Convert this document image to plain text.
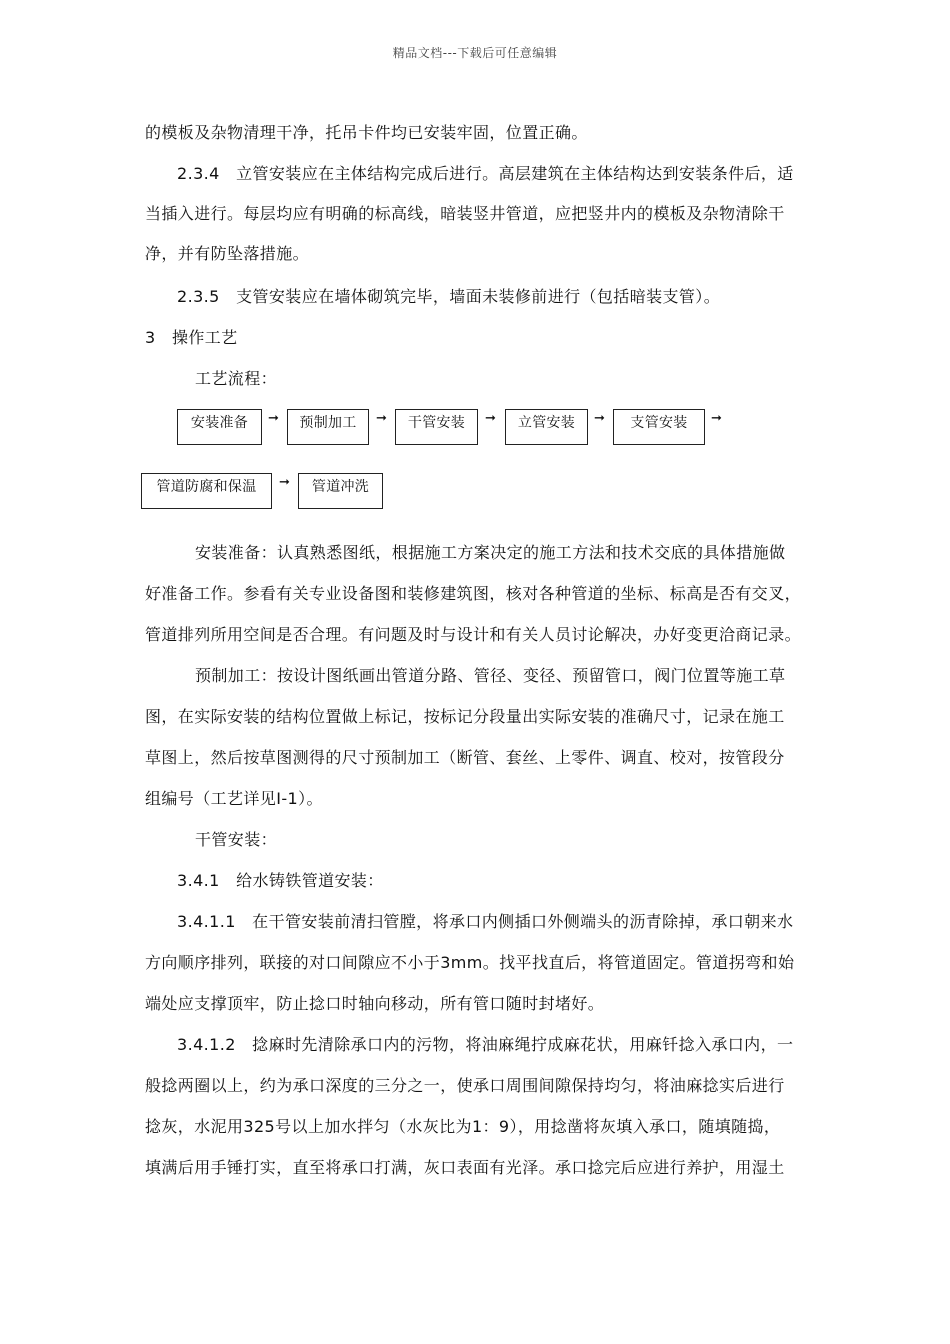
精品文档---下载后可任意编辑
的模板及杂物清理干净，托吊卡件均已安装牢固，位置正确。
2.3.4　立管安装应在主体结构完成后进行。高层建筑在主体结构达到安装条件后，适
当插入进行。每层均应有明确的标高线，暗装竖井管道，应把竖井内的模板及杂物清除干
净，并有防坠落措施。
2.3.5　支管安装应在墙体砌筑完毕，墙面未装修前进行（包括暗装支管）。
3　操作工艺
工艺流程：
安装准备	➞	预制加工	➞	干管安装	➞	立管安装	➞	支管安装	➞
管道防腐和保温	➞	管道冲洗
安装准备：认真熟悉图纸，根据施工方案决定的施工方法和技术交底的具体措施做
好准备工作。参看有关专业设备图和装修建筑图，核对各种管道的坐标、标高是否有交叉，
管道排列所用空间是否合理。有问题及时与设计和有关人员讨论解决，办好变更洽商记录。
预制加工：按设计图纸画出管道分路、管径、变径、预留管口，阀门位置等施工草
图，在实际安装的结构位置做上标记，按标记分段量出实际安装的准确尺寸，记录在施工
草图上，然后按草图测得的尺寸预制加工（断管、套丝、上零件、调直、校对，按管段分
组编号（工艺详见Ⅰ-1）。
干管安装：
3.4.1　给水铸铁管道安装：
3.4.1.1　在干管安装前清扫管膛，将承口内侧插口外侧端头的沥青除掉，承口朝来水
方向顺序排列，联接的对口间隙应不小于3mm。找平找直后，将管道固定。管道拐弯和始
端处应支撑顶牢，防止捻口时轴向移动，所有管口随时封堵好。
3.4.1.2　捻麻时先清除承口内的污物，将油麻绳拧成麻花状，用麻钎捻入承口内，一
般捻两圈以上，约为承口深度的三分之一，使承口周围间隙保持均匀，将油麻捻实后进行
捻灰，水泥用325号以上加水拌匀（水灰比为1：9），用捻凿将灰填入承口，随填随捣，
填满后用手锤打实，直至将承口打满，灰口表面有光泽。承口捻完后应进行养护，用湿土
